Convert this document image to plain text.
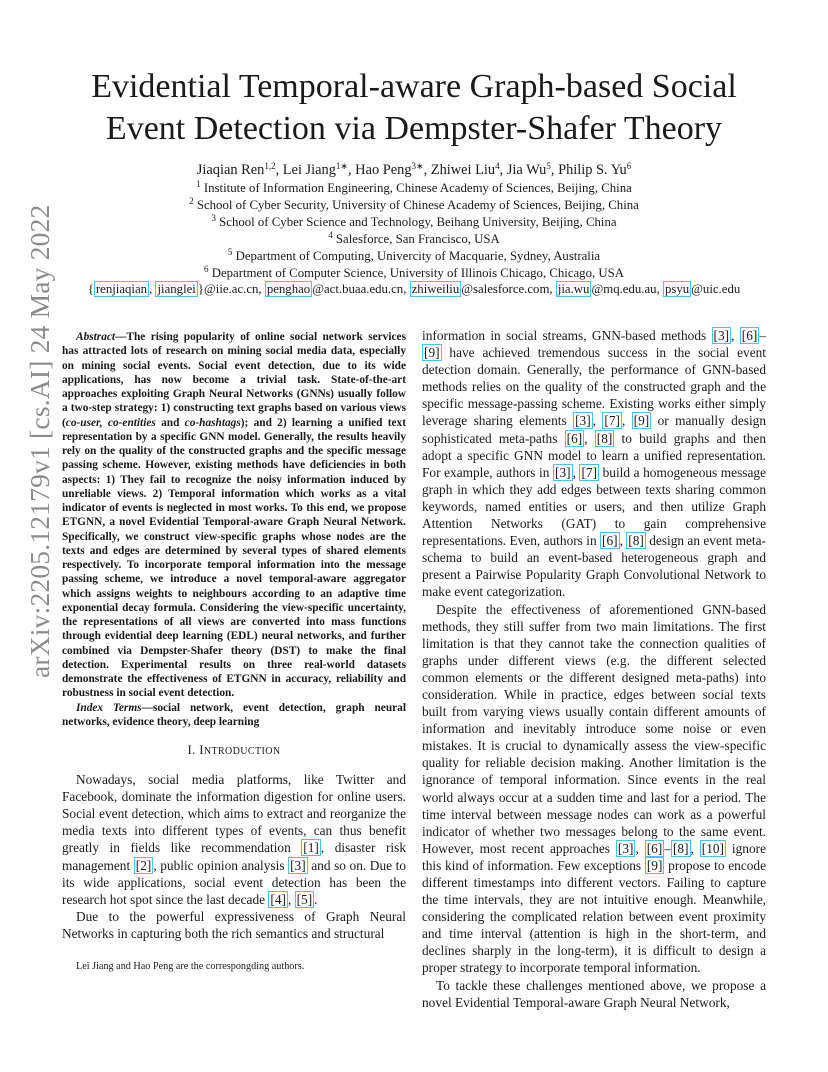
arXiv:2205.12179v1 [cs.AI] 24 May 2022
Evidential Temporal-aware Graph-based Social
Event Detection via Dempster-Shafer Theory
Jiaqian Ren$^{1,2}$, Lei Jiang$^{1∗}$, Hao Peng$^{3∗}$, Zhiwei Liu$^4$, Jia Wu$^5$, Philip S. Yu$^6$
$^1$ Institute of Information Engineering, Chinese Academy of Sciences, Beijing, China
$^2$ School of Cyber Security, University of Chinese Academy of Sciences, Beijing, China
$^3$ School of Cyber Science and Technology, Beihang University, Beijing, China
$^4$ Salesforce, San Francisco, USA
$^5$ Department of Computing, Univercity of Macquarie, Sydney, Australia
$^6$ Department of Computer Science, University of Illinois Chicago, Chicago, USA
{ renjiaqian , jianglei }@iie.ac.cn, penghao @act.buaa.edu.cn, zhiweiliu @salesforce.com, jia.wu @mq.edu.au, psyu @uic.edu
Abstract—The rising popularity of online social network services has attracted lots of research on mining social media data, especially on mining social events. Social event detection, due to its wide applications, has now become a trivial task. State-of-the-art approaches exploiting Graph Neural Networks (GNNs) usually follow a two-step strategy: 1) constructing text graphs based on various views (co-user, co-entities and co-hashtags); and 2) learning a unified text representation by a specific GNN model. Generally, the results heavily rely on the quality of the constructed graphs and the specific message passing scheme. However, existing methods have deficiencies in both aspects: 1) They fail to recognize the noisy information induced by unreliable views. 2) Temporal information which works as a vital indicator of events is neglected in most works. To this end, we propose ETGNN, a novel Evidential Temporal-aware Graph Neural Network. Specifically, we construct view-specific graphs whose nodes are the texts and edges are determined by several types of shared elements respectively. To incorporate temporal information into the message passing scheme, we introduce a novel temporal-aware aggregator which assigns weights to neighbours according to an adaptive time exponential decay formula. Considering the view-specific uncertainty, the representations of all views are converted into mass functions through evidential deep learning (EDL) neural networks, and further combined via Dempster-Shafer theory (DST) to make the final detection. Experimental results on three real-world datasets demonstrate the effectiveness of ETGNN in accuracy, reliability and robustness in social event detection.
Index Terms—social network, event detection, graph neural networks, evidence theory, deep learning
I. INTRODUCTION

Nowadays, social media platforms, like Twitter and Facebook, dominate the information digestion for online users. Social event detection, which aims to extract and reorganize the media texts into different types of events, can thus benefit greatly in fields like recommendation [1] , disaster risk management [2] , public opinion analysis [3] and so on. Due to its wide applications, social event detection has been the research hot spot since the last decade [4] , [5] .

Due to the powerful expressiveness of Graph Neural Networks in capturing both the rich semantics and structural

Lei Jiang and Hao Peng are the correspongding authors.

information in social streams, GNN-based methods [3] , [6] –[9] have achieved tremendous success in the social event detection domain. Generally, the performance of GNN-based methods relies on the quality of the constructed graph and the specific message-passing scheme. Existing works either simply leverage sharing elements [3] , [7] , [9] or manually design sophisticated meta-paths [6] , [8] to build graphs and then adopt a specific GNN model to learn a unified representation. For example, authors in [3] , [7] build a homogeneous message graph in which they add edges between texts sharing common keywords, named entities or users, and then utilize Graph Attention Networks (GAT) to gain comprehensive representations. Even, authors in [6] , [8] design an event meta-schema to build an event-based heterogeneous graph and present a Pairwise Popularity Graph Convolutional Network to make event categorization.

Despite the effectiveness of aforementioned GNN-based methods, they still suffer from two main limitations. The first limitation is that they cannot take the connection qualities of graphs under different views (e.g. the different selected common elements or the different designed meta-paths) into consideration. While in practice, edges between social texts built from varying views usually contain different amounts of information and inevitably introduce some noise or even mistakes. It is crucial to dynamically assess the view-specific quality for reliable decision making. Another limitation is the ignorance of temporal information. Since events in the real world always occur at a sudden time and last for a period. The time interval between message nodes can work as a powerful indicator of whether two messages belong to the same event. However, most recent approaches [3] , [6] – [8] , [10] ignore this kind of information. Few exceptions [9] propose to encode different timestamps into different vectors. Failing to capture the time intervals, they are not intuitive enough. Meanwhile, considering the complicated relation between event proximity and time interval (attention is high in the short-term, and declines sharply in the long-term), it is difficult to design a proper strategy to incorporate temporal information.

To tackle these challenges mentioned above, we propose a novel Evidential Temporal-aware Graph Neural Network,
